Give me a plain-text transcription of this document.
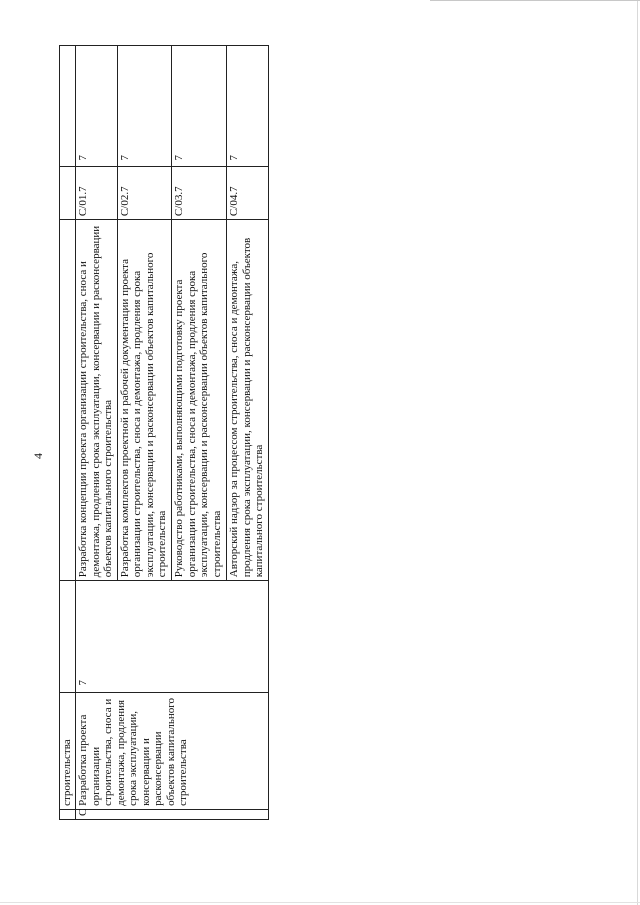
4
	строительства				
C	Разработка проекта организации строительства, сноса и демонтажа, продления срока эксплуатации, консервации и расконсервации объектов капитального строительства	7	Разработка концепции проекта организации строительства, сноса и демонтажа, продления срока эксплуатации, консервации и расконсервации объектов капитального строительства	C/01.7	7
			Разработка комплектов проектной и рабочей документации проекта организации строительства, сноса и демонтажа, продления срока эксплуатации, консервации и расконсервации объектов капитального строительства	C/02.7	7
			Руководство работниками, выполняющими подготовку проекта организации строительства, сноса и демонтажа, продления срока эксплуатации, консервации и расконсервации объектов капитального строительства	C/03.7	7
			Авторский надзор за процессом строительства, сноса и демонтажа, продления срока эксплуатации, консервации и расконсервации объектов капитального строительства	C/04.7	7
